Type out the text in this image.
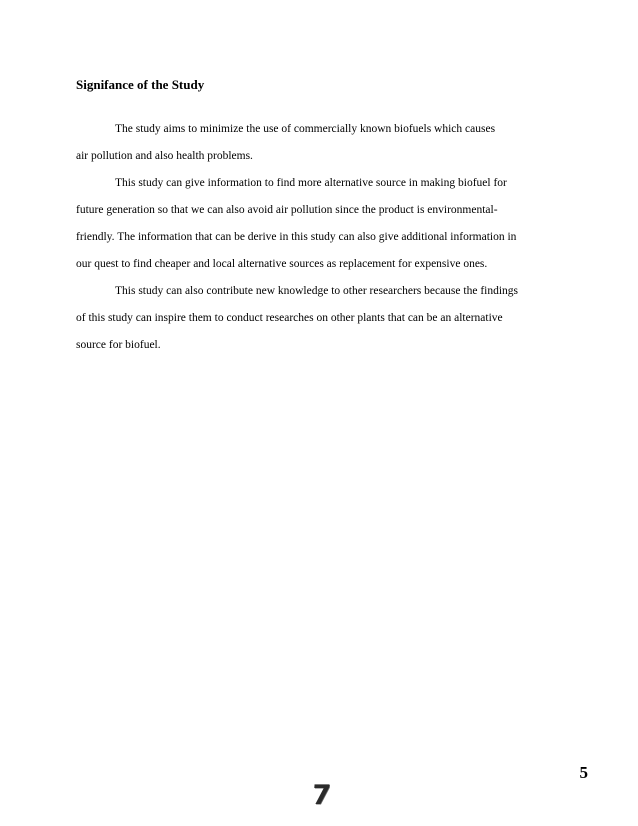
Signifance of the Study
The study aims to minimize the use of commercially known biofuels which causes
air pollution and also health problems.
This study can give information to find more alternative source in making biofuel for
future generation so that we can also avoid air pollution since the product is environmental-
friendly. The information that can be derive in this study can also give additional information in
our quest to find cheaper and local alternative sources as replacement for expensive ones.
This study can also contribute new knowledge to other researchers because the findings
of this study can inspire them to conduct researches on other plants that can be an alternative
source for biofuel.
5
7
